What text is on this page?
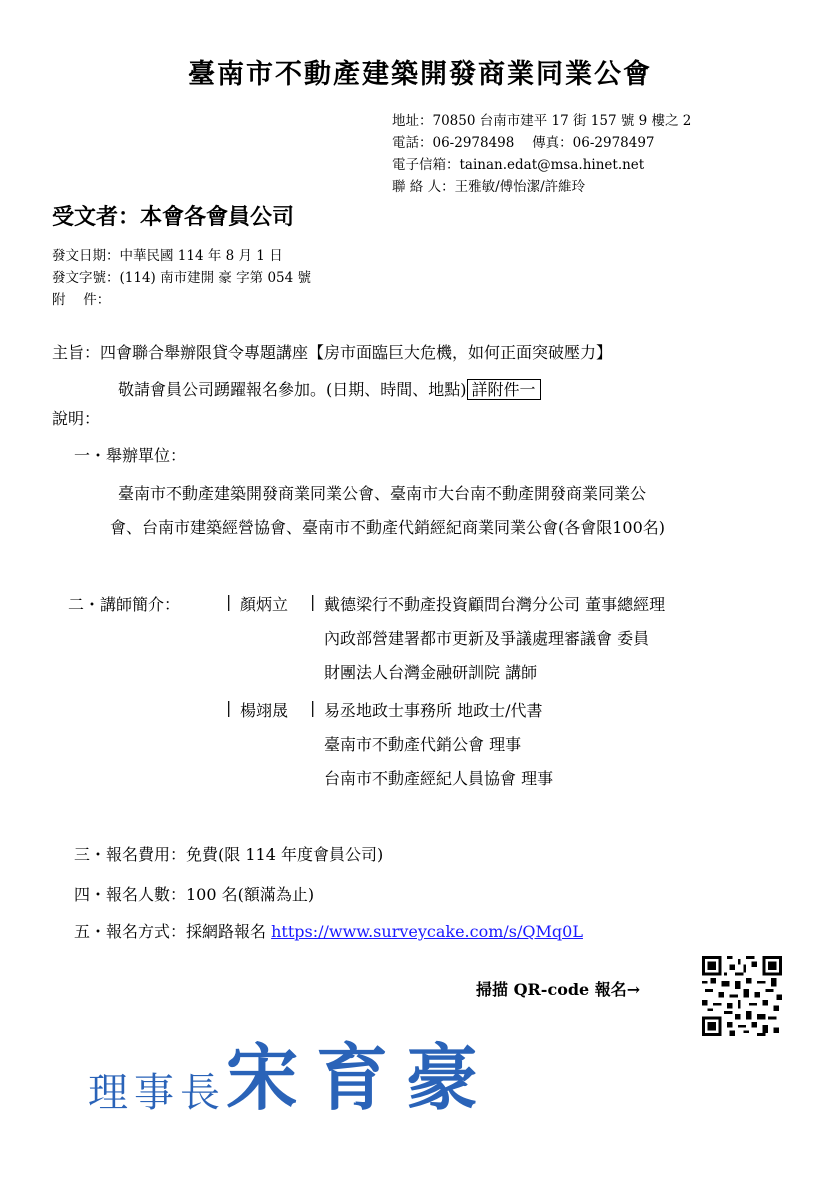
臺南市不動產建築開發商業同業公會
地址：70850 台南市建平 17 街 157 號 9 樓之 2
電話：06-2978498　 傳真：06-2978497
電子信箱：tainan.edat@msa.hinet.net
聯 絡 人：王雅敏/傅怡潔/許維玲
受文者：本會各會員公司
發文日期：中華民國 114 年 8 月 1 日
發文字號：(114) 南市建開 豪 字第 054 號
附　 件：
主旨：四會聯合舉辦限貸令專題講座【房市面臨巨大危機，如何正面突破壓力】
敬請會員公司踴躍報名參加。(日期、時間、地點) 詳附件一
說明：
一・舉辦單位：
臺南市不動產建築開發商業同業公會、臺南市大台南不動產開發商業同業公
會、台南市建築經營協會、臺南市不動產代銷經紀商業同業公會(各會限100名)
二・講師簡介：	| 顏炳立 | 戴德梁行不動產投資顧問台灣分公司 董事總經理
內政部營建署都市更新及爭議處理審議會 委員
財團法人台灣金融研訓院 講師
| 楊翊晟 | 易丞地政士事務所 地政士/代書
臺南市不動產代銷公會 理事
台南市不動產經紀人員協會 理事
三・報名費用：免費(限 114 年度會員公司)
四・報名人數：100 名(額滿為止)
五・報名方式：採網路報名 https://www.surveycake.com/s/QMq0L
掃描 QR-code 報名→
理事長宋育豪
